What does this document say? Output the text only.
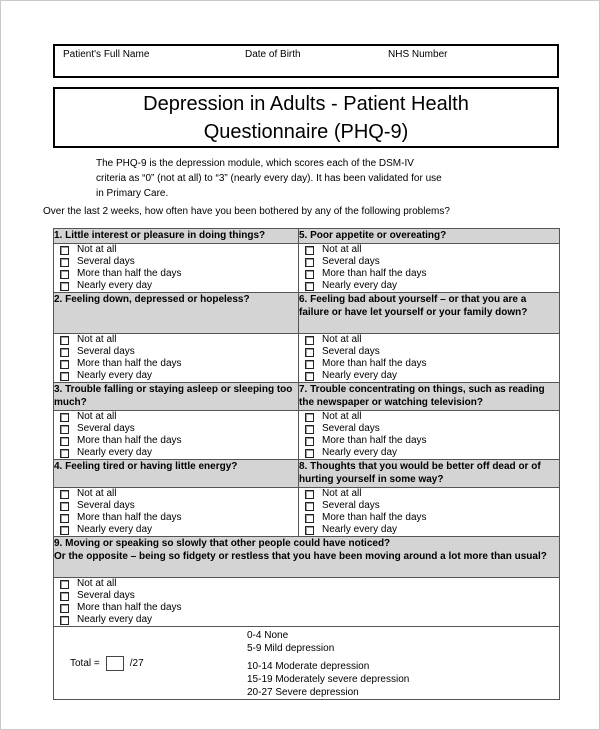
Patient's Full Name	Date of Birth	NHS Number
Depression in Adults - Patient Health Questionnaire (PHQ-9)
The PHQ-9 is the depression module, which scores each of the DSM-IV
criteria as “0” (not at all) to “3” (nearly every day). It has been validated for use
in Primary Care.
Over the last 2 weeks, how often have you been bothered by any of the following problems?
1. Little interest or pleasure in doing things?	5. Poor appetite or overeating?

Not at all
Several days
More than half the days
Nearly every day

Not at all
Several days
More than half the days
Nearly every day

2. Feeling down, depressed or hopeless?	6. Feeling bad about yourself – or that you are a failure or have let yourself or your family down?

Not at all
Several days
More than half the days
Nearly every day

Not at all
Several days
More than half the days
Nearly every day

3. Trouble falling or staying asleep or sleeping too much?	7. Trouble concentrating on things, such as reading the newspaper or watching television?

Not at all
Several days
More than half the days
Nearly every day

Not at all
Several days
More than half the days
Nearly every day

4. Feeling tired or having little energy?	8. Thoughts that you would be better off dead or of hurting yourself in some way?

Not at all
Several days
More than half the days
Nearly every day

Not at all
Several days
More than half the days
Nearly every day

9. Moving or speaking so slowly that other people could have noticed?
Or the opposite – being so fidgety or restless that you have been moving around a lot more than usual?	

Not at all
Several days
More than half the days
Nearly every day	

Total =	/27
0-4 None
5-9 Mild depression
10-14 Moderate depression
15-19 Moderately severe depression
20-27 Severe depression
